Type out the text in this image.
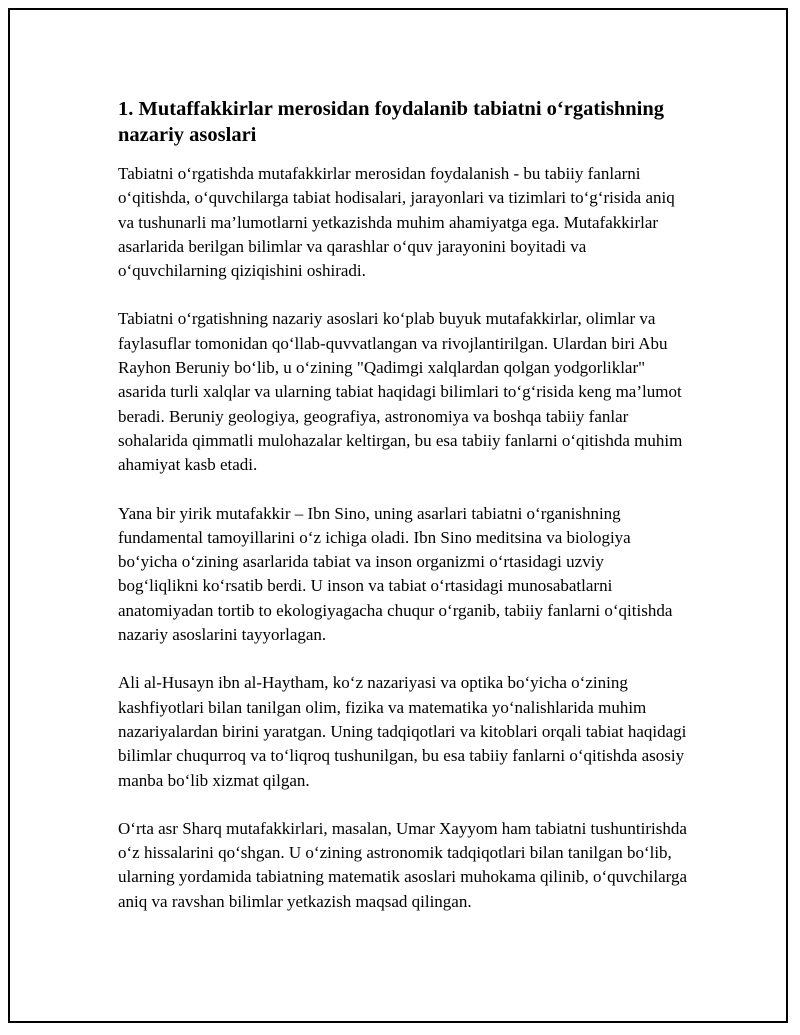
1. Mutaffakkirlar merosidan foydalanib tabiatni o‘rgatishning nazariy asoslari

Tabiatni o‘rgatishda mutafakkirlar merosidan foydalanish - bu tabiiy fanlarni o‘qitishda, o‘quvchilarga tabiat hodisalari, jarayonlari va tizimlari to‘g‘risida aniq va tushunarli ma’lumotlarni yetkazishda muhim ahamiyatga ega. Mutafakkirlar asarlarida berilgan bilimlar va qarashlar o‘quv jarayonini boyitadi va o‘quvchilarning qiziqishini oshiradi.

Tabiatni o‘rgatishning nazariy asoslari ko‘plab buyuk mutafakkirlar, olimlar va faylasuflar tomonidan qo‘llab-quvvatlangan va rivojlantirilgan. Ulardan biri Abu Rayhon Beruniy bo‘lib, u o‘zining "Qadimgi xalqlardan qolgan yodgorliklar" asarida turli xalqlar va ularning tabiat haqidagi bilimlari to‘g‘risida keng ma’lumot beradi. Beruniy geologiya, geografiya, astronomiya va boshqa tabiiy fanlar sohalarida qimmatli mulohazalar keltirgan, bu esa tabiiy fanlarni o‘qitishda muhim ahamiyat kasb etadi.

Yana bir yirik mutafakkir – Ibn Sino, uning asarlari tabiatni o‘rganishning fundamental tamoyillarini o‘z ichiga oladi. Ibn Sino meditsina va biologiya bo‘yicha o‘zining asarlarida tabiat va inson organizmi o‘rtasidagi uzviy bog‘liqlikni ko‘rsatib berdi. U inson va tabiat o‘rtasidagi munosabatlarni anatomiyadan tortib to ekologiyagacha chuqur o‘rganib, tabiiy fanlarni o‘qitishda nazariy asoslarini tayyorlagan.

Ali al-Husayn ibn al-Haytham, ko‘z nazariyasi va optika bo‘yicha o‘zining kashfiyotlari bilan tanilgan olim, fizika va matematika yo‘nalishlarida muhim nazariyalardan birini yaratgan. Uning tadqiqotlari va kitoblari orqali tabiat haqidagi bilimlar chuqurroq va to‘liqroq tushunilgan, bu esa tabiiy fanlarni o‘qitishda asosiy manba bo‘lib xizmat qilgan.

O‘rta asr Sharq mutafakkirlari, masalan, Umar Xayyom ham tabiatni tushuntirishda o‘z hissalarini qo‘shgan. U o‘zining astronomik tadqiqotlari bilan tanilgan bo‘lib, ularning yordamida tabiatning matematik asoslari muhokama qilinib, o‘quvchilarga aniq va ravshan bilimlar yetkazish maqsad qilingan.
